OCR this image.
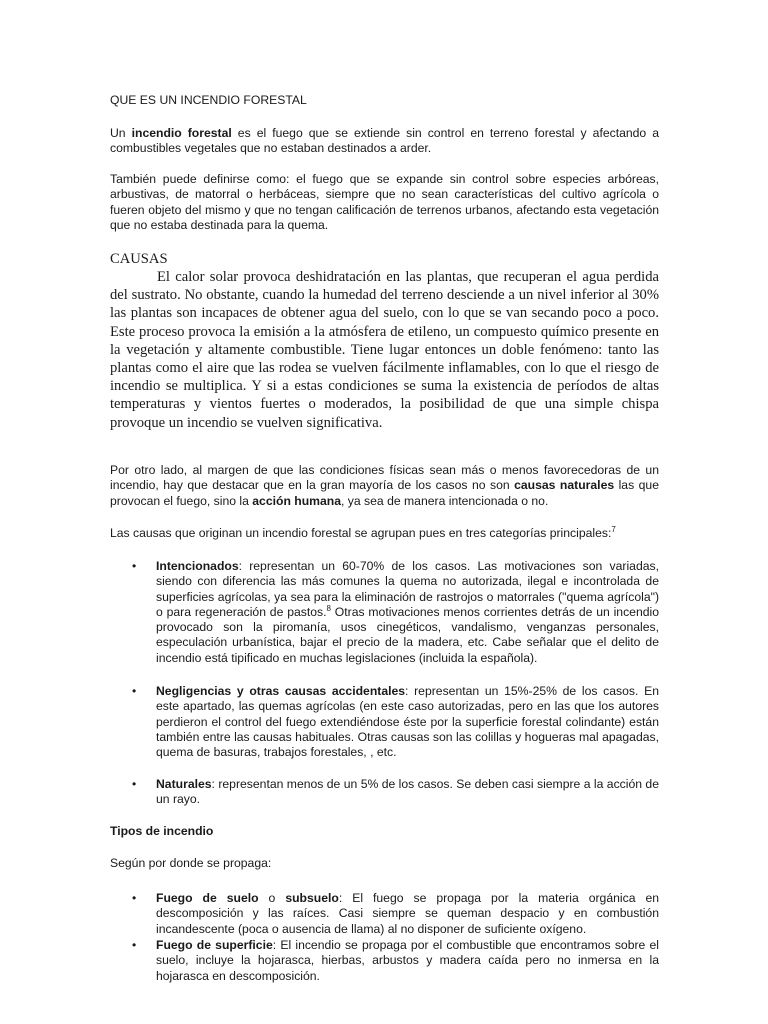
QUE ES UN INCENDIO FORESTAL

Un incendio forestal es el fuego que se extiende sin control en terreno forestal y afectando a combustibles vegetales que no estaban destinados a arder.

También puede definirse como: el fuego que se expande sin control sobre especies arbóreas, arbustivas, de matorral o herbáceas, siempre que no sean características del cultivo agrícola o fueren objeto del mismo y que no tengan calificación de terrenos urbanos, afectando esta vegetación que no estaba destinada para la quema.

CAUSAS

El calor solar provoca deshidratación en las plantas, que recuperan el agua perdida del sustrato. No obstante, cuando la humedad del terreno desciende a un nivel inferior al 30% las plantas son incapaces de obtener agua del suelo, con lo que se van secando poco a poco. Este proceso provoca la emisión a la atmósfera de etileno, un compuesto químico presente en la vegetación y altamente combustible. Tiene lugar entonces un doble fenómeno: tanto las plantas como el aire que las rodea se vuelven fácilmente inflamables, con lo que el riesgo de incendio se multiplica. Y si a estas condiciones se suma la existencia de períodos de altas temperaturas y vientos fuertes o moderados, la posibilidad de que una simple chispa provoque un incendio se vuelven significativa.

Por otro lado, al margen de que las condiciones físicas sean más o menos favorecedoras de un incendio, hay que destacar que en la gran mayoría de los casos no son causas naturales las que provocan el fuego, sino la acción humana, ya sea de manera intencionada o no.

Las causas que originan un incendio forestal se agrupan pues en tres categorías principales:$^7$

• Intencionados: representan un 60-70% de los casos. Las motivaciones son variadas, siendo con diferencia las más comunes la quema no autorizada, ilegal e incontrolada de superficies agrícolas, ya sea para la eliminación de rastrojos o matorrales ("quema agrícola") o para regeneración de pastos.$^8$ Otras motivaciones menos corrientes detrás de un incendio provocado son la piromanía, usos cinegéticos, vandalismo, venganzas personales, especulación urbanística, bajar el precio de la madera, etc. Cabe señalar que el delito de incendio está tipificado en muchas legislaciones (incluida la española).

• Negligencias y otras causas accidentales: representan un 15%-25% de los casos. En este apartado, las quemas agrícolas (en este caso autorizadas, pero en las que los autores perdieron el control del fuego extendiéndose éste por la superficie forestal colindante) están también entre las causas habituales. Otras causas son las colillas y hogueras mal apagadas, quema de basuras, trabajos forestales, , etc.

• Naturales: representan menos de un 5% de los casos. Se deben casi siempre a la acción de un rayo.

Tipos de incendio

Según por donde se propaga:

• Fuego de suelo o subsuelo: El fuego se propaga por la materia orgánica en descomposición y las raíces. Casi siempre se queman despacio y en combustión incandescente (poca o ausencia de llama) al no disponer de suficiente oxígeno.

• Fuego de superficie: El incendio se propaga por el combustible que encontramos sobre el suelo, incluye la hojarasca, hierbas, arbustos y madera caída pero no inmersa en la hojarasca en descomposición.
